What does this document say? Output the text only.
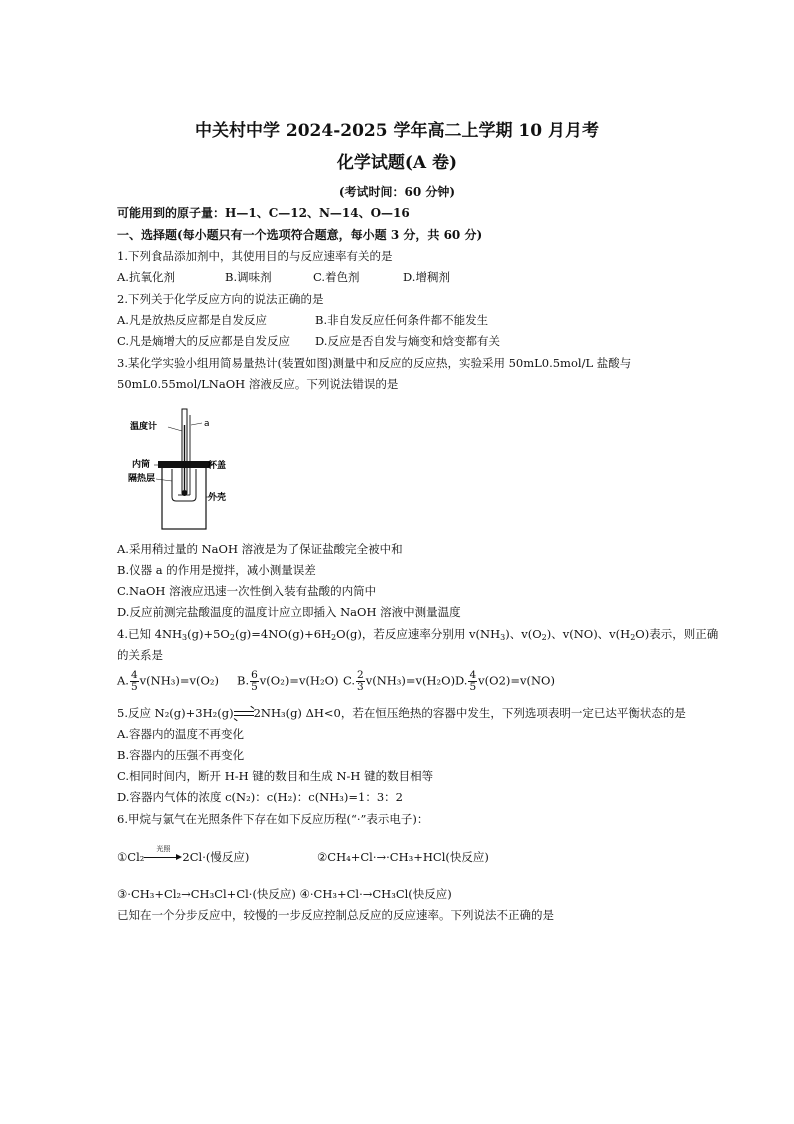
中关村中学 2024-2025 学年高二上学期 10 月月考
化学试题(A 卷)
(考试时间：60 分钟)
可能用到的原子量：H—1、C—12、N—14、O—16
一、选择题(每小题只有一个选项符合题意，每小题 3 分，共 60 分)
1.下列食品添加剂中，其使用目的与反应速率有关的是
A.抗氧化剂	B.调味剂	C.着色剂	D.增稠剂
2.下列关于化学反应方向的说法正确的是
A.凡是放热反应都是自发反应	B.非自发反应任何条件都不能发生
C.凡是熵增大的反应都是自发反应 D.反应是否自发与熵变和焓变都有关
3.某化学实验小组用简易量热计(装置如图)测量中和反应的反应热，实验采用 50mL0.5mol/L 盐酸与
50mL0.55mol/LNaOH 溶液反应。下列说法错误的是
温度计	a
内筒
隔热层
杯盖
外壳
A.采用稍过量的 NaOH 溶液是为了保证盐酸完全被中和
B.仪器 a 的作用是搅拌，减小测量误差
C.NaOH 溶液应迅速一次性倒入装有盐酸的内筒中
D.反应前测完盐酸温度的温度计应立即插入 NaOH 溶液中测量温度
4.已知 $4NH_3(g)+5O_2(g)=4NO(g)+6H_2O(g)$，若反应速率分别用 $v(NH_3)$、$v(O_2)$、v(NO)、$v(H_2O)$表示，则正确
的关系是
A. $\frac{4}{5} v(NH_3)=v(O_2)$ B. $\frac{6}{5} v(O_2)=v(H_2O)$ C. $\frac{2}{3} v(NH_3)=v(H_2O)$ D. $\frac{4}{5} v(O2)=v(NO)$
5.反应 N₂(g)+3H₂(g)⇌2NH₃(g) ΔH<0，若在恒压绝热的容器中发生，下列选项表明一定已达平衡状态的是
A.容器内的温度不再变化
B.容器内的压强不再变化
C.相同时间内，断开 H-H 键的数目和生成 N-H 键的数目相等
D.容器内气体的浓度 c(N₂)：c(H₂)：c(NH₃)=1：3：2
6.甲烷与氯气在光照条件下存在如下反应历程(“·”表示电子)：
①Cl₂
光照
2Cl·(慢反应)	②CH₄+Cl·→·CH₃+HCl(快反应)
③·CH₃+Cl₂→CH₃Cl+Cl·(快反应) ④·CH₃+Cl·→CH₃Cl(快反应)
已知在一个分步反应中，较慢的一步反应控制总反应的反应速率。下列说法不正确的是
